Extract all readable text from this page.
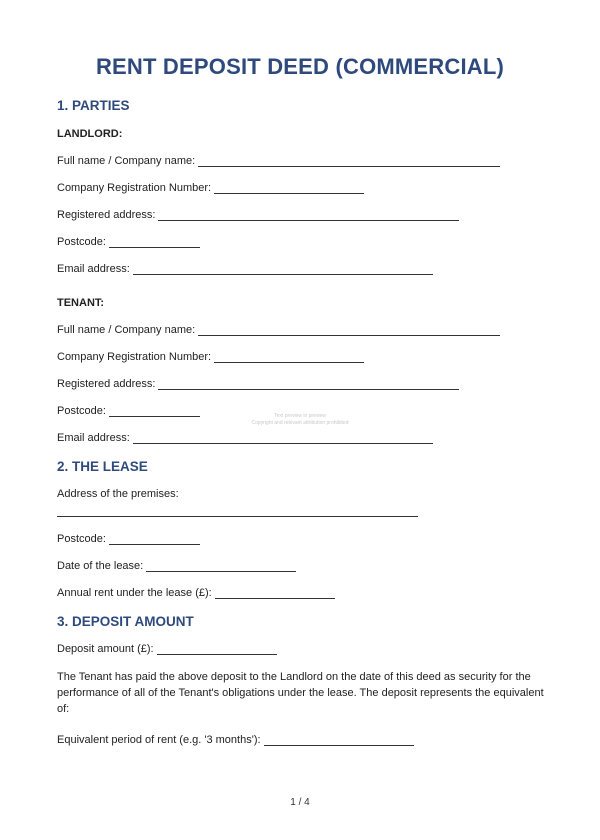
RENT DEPOSIT DEED (COMMERCIAL)
1. PARTIES
LANDLORD:
Full name / Company name:
Company Registration Number:
Registered address:
Postcode:
Email address:
TENANT:
Full name / Company name:
Company Registration Number:
Registered address:
Postcode:
Email address:
Text preview in preview
Copyright and relevant attribution prohibited
2. THE LEASE
Address of the premises:
Postcode:
Date of the lease:
Annual rent under the lease (£):
3. DEPOSIT AMOUNT
Deposit amount (£):
The Tenant has paid the above deposit to the Landlord on the date of this deed as security for the performance of all of the Tenant's obligations under the lease. The deposit represents the equivalent of:
Equivalent period of rent (e.g. '3 months'):
1 / 4
